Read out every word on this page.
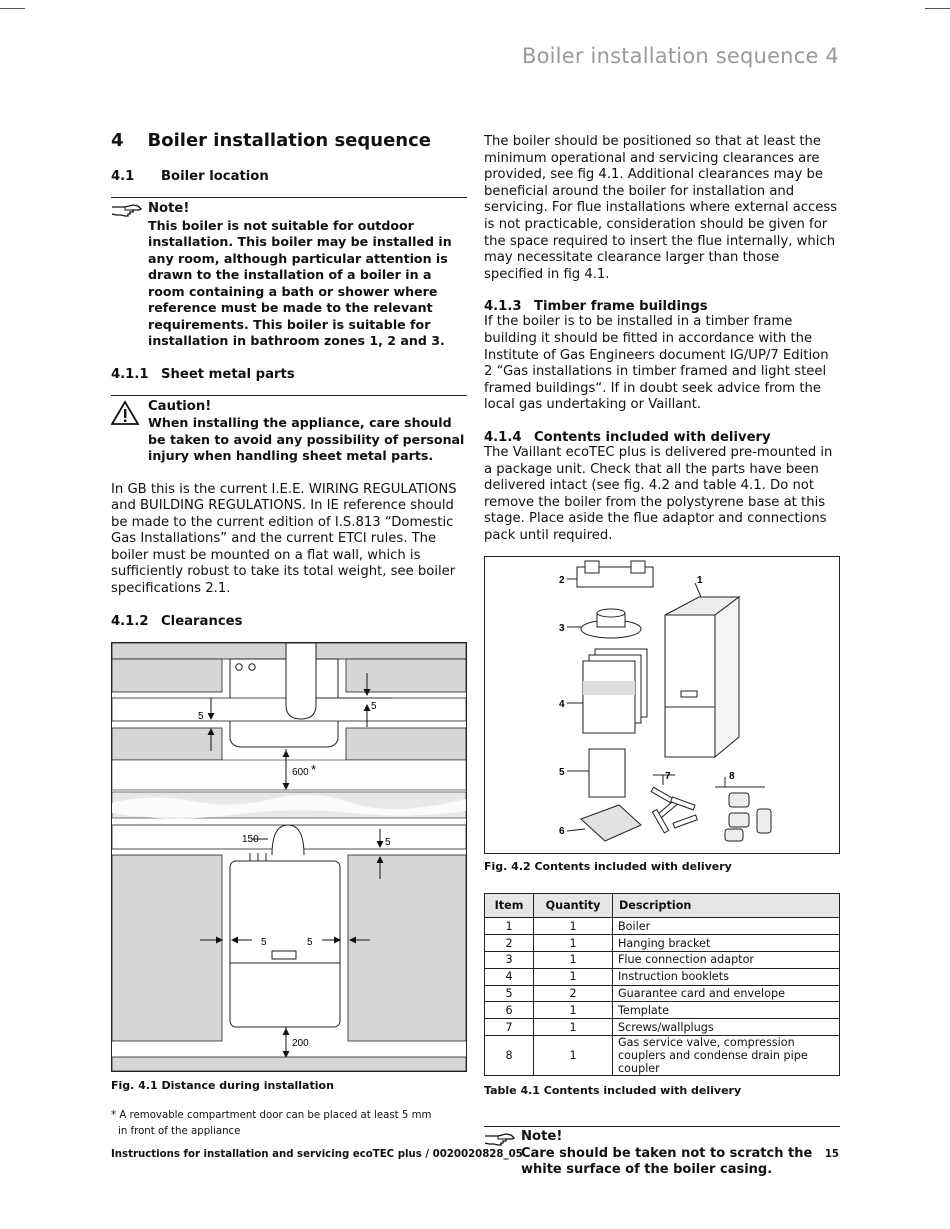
Boiler installation sequence 4
4 Boiler installation sequence
4.1	Boiler location
Note!
This boiler is not suitable for outdoor installation. This boiler may be installed in any room, although particular attention is drawn to the installation of a boiler in a room containing a bath or shower where reference must be made to the relevant requirements. This boiler is suitable for installation in bathroom zones 1, 2 and 3.
4.1.1 Sheet metal parts
Caution!
When installing the appliance, care should be taken to avoid any possibility of personal injury when handling sheet metal parts.

In GB this is the current I.E.E. WIRING REGULATIONS and BUILDING REGULATIONS. In IE reference should be made to the current edition of I.S.813 “Domestic Gas Installations” and the current ETCI rules. The boiler must be mounted on a flat wall, which is sufficiently robust to take its total weight, see boiler specifications 2.1.

4.1.2 Clearances
5
5
600 *
150	5
5	5
200
Fig. 4.1 Distance during installation
* A removable compartment door can be placed at least 5 mm
in front of the appliance

The boiler should be positioned so that at least the minimum operational and servicing clearances are provided, see fig 4.1. Additional clearances may be beneficial around the boiler for installation and servicing. For flue installations where external access is not practicable, consideration should be given for the space required to insert the flue internally, which may necessitate clearance larger than those specified in fig 4.1.

4.1.3 Timber frame buildings

If the boiler is to be installed in a timber frame building it should be fitted in accordance with the Institute of Gas Engineers document IG/UP/7 Edition 2 “Gas installations in timber framed and light steel framed buildings“. If in doubt seek advice from the local gas undertaking or Vaillant.

4.1.4 Contents included with delivery

The Vaillant ecoTEC plus is delivered pre-mounted in a package unit. Check that all the parts have been delivered intact (see fig. 4.2 and table 4.1. Do not remove the boiler from the polystyrene base at this stage. Place aside the flue adaptor and connections pack until required.

1
2
3
4
5
6
7	8
Fig. 4.2 Contents included with delivery
Item	Quantity	Description
1	1	Boiler
2	1	Hanging bracket
3	1	Flue connection adaptor
4	1	Instruction booklets
5	2	Guarantee card and envelope
6	1	Template
7	1	Screws/wallplugs
8	1	Gas service valve, compression couplers and condense drain pipe coupler
Table 4.1 Contents included with delivery
Note!
Care should be taken not to scratch the white surface of the boiler casing.
Instructions for installation and servicing ecoTEC plus / 0020020828_05	15
